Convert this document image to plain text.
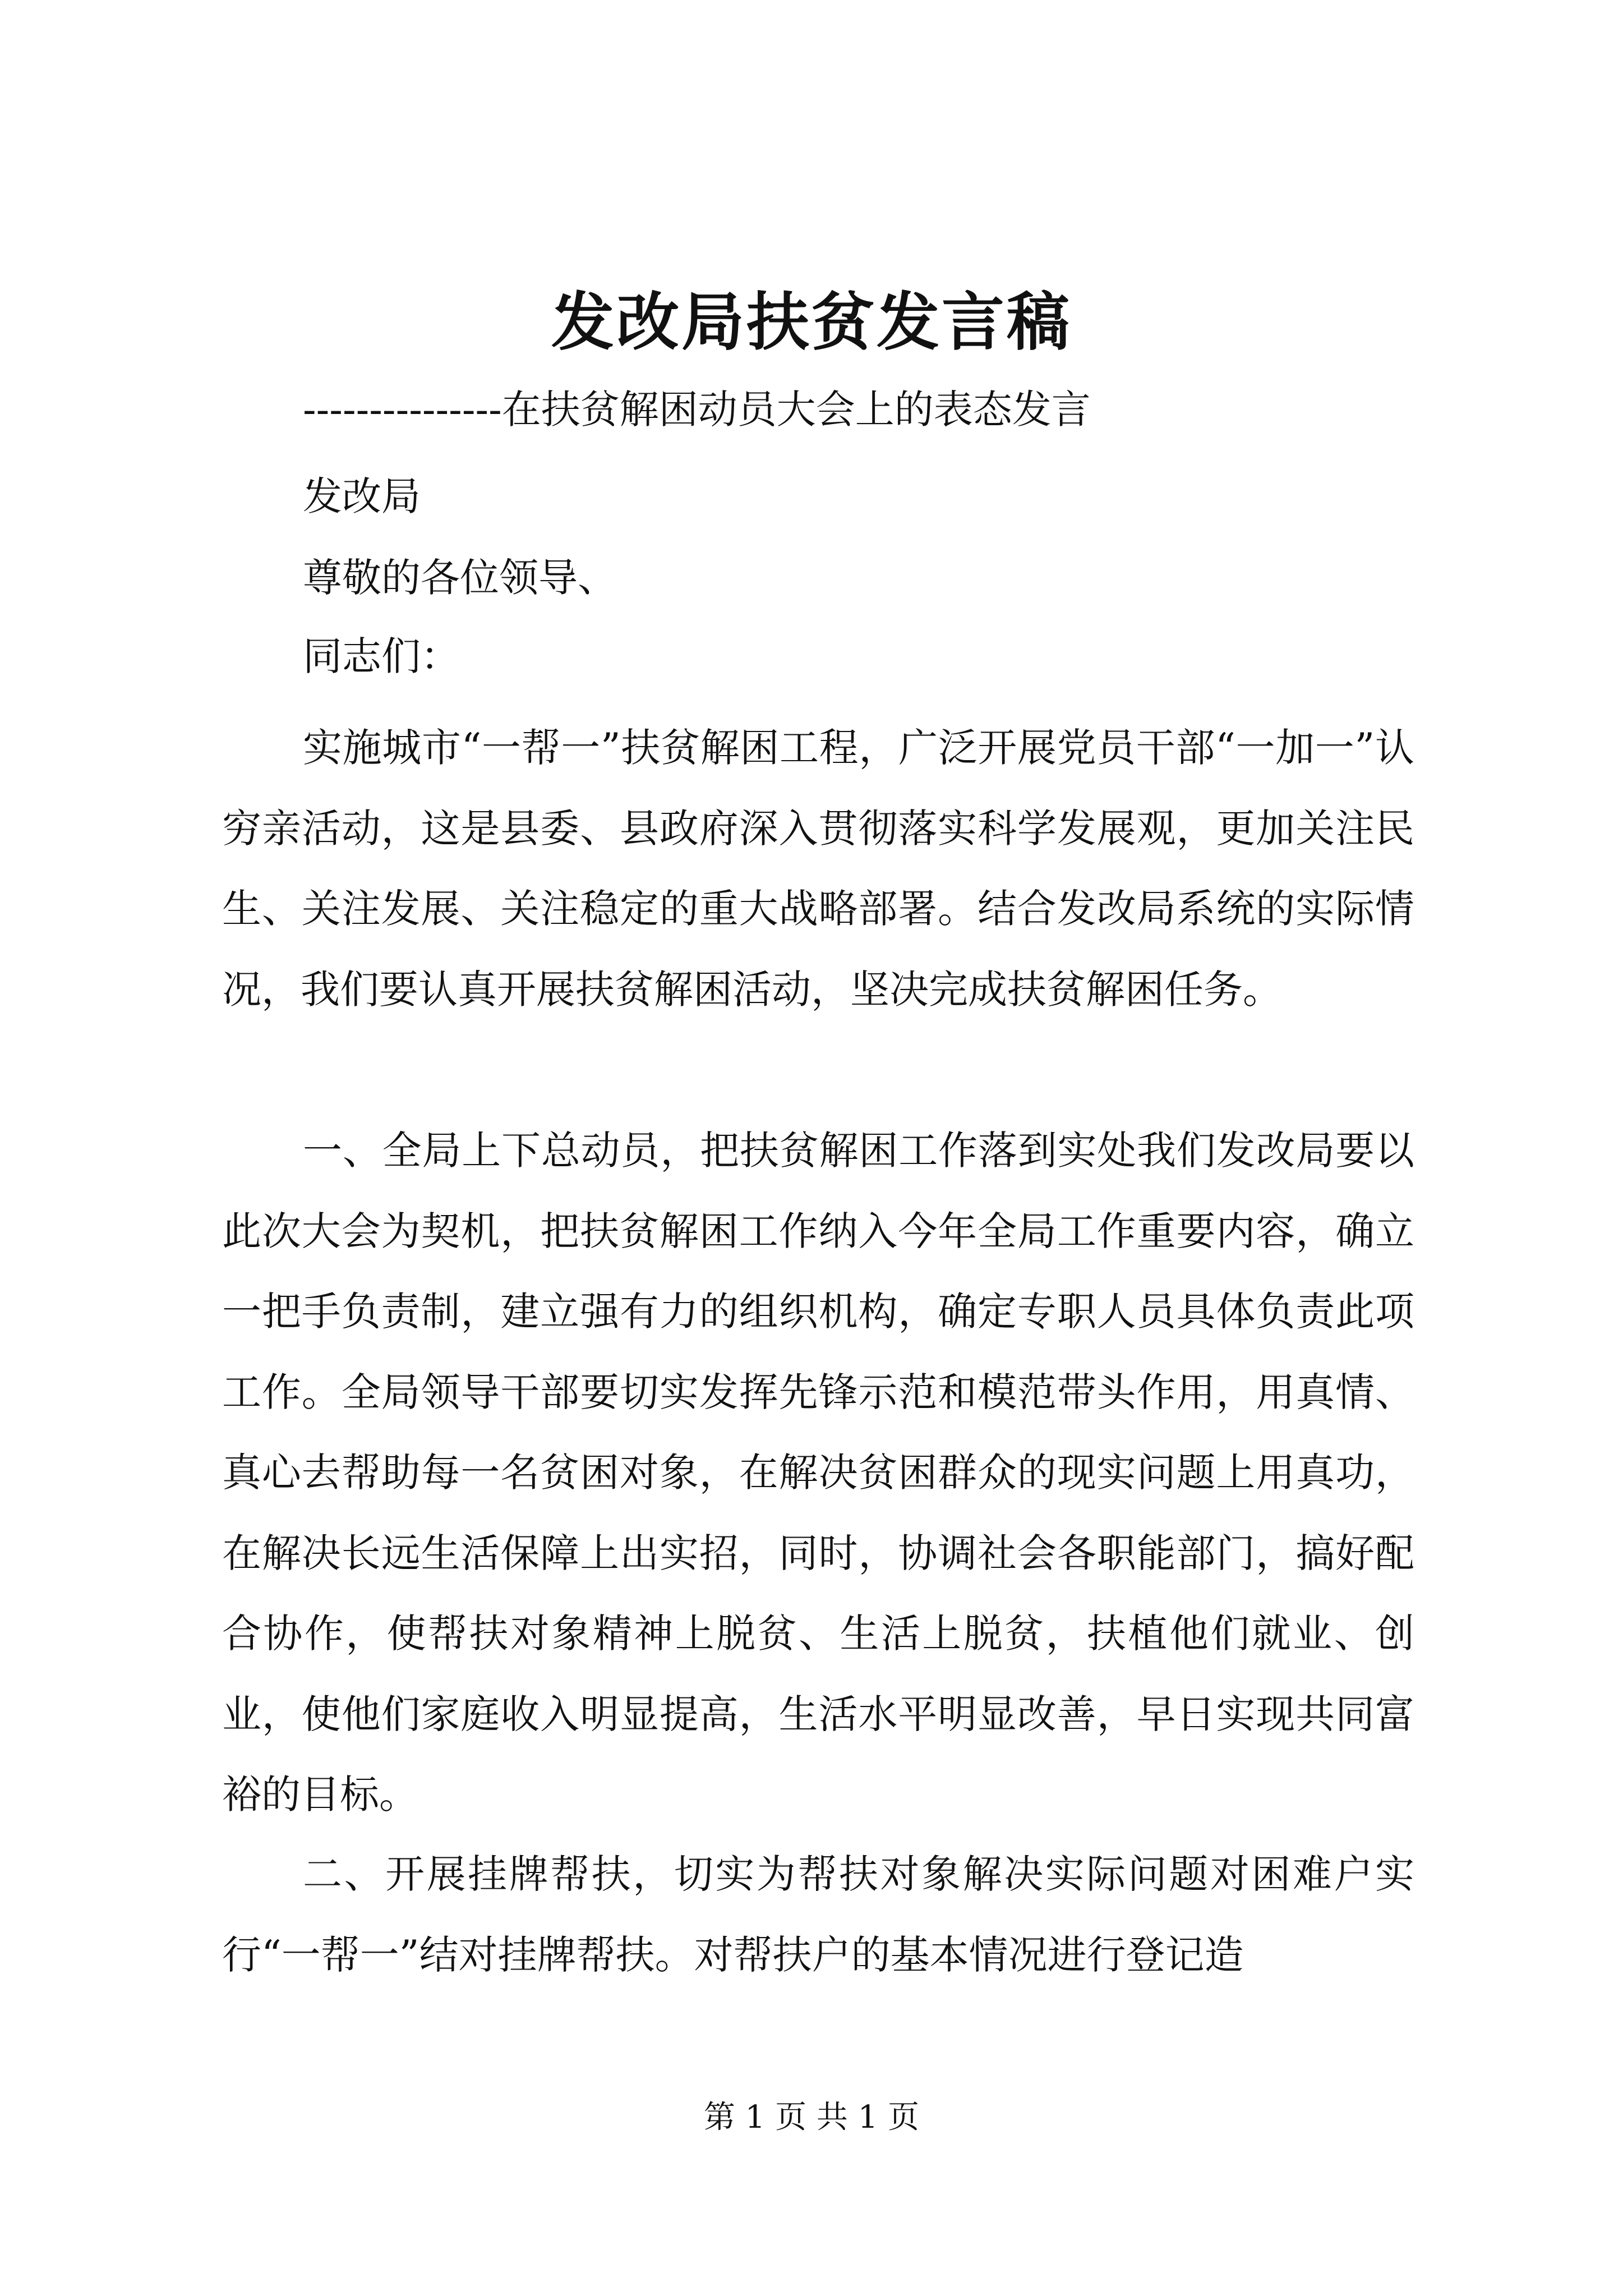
发改局扶贫发言稿

---------------在扶贫解困动员大会上的表态发言

发改局

尊敬的各位领导、

同志们：

实施城市“一帮一”扶贫解困工程，广泛开展党员干部“一加一”认穷亲活动，这是县委、县政府深入贯彻落实科学发展观，更加关注民生、关注发展、关注稳定的重大战略部署。结合发改局系统的实际情况，我们要认真开展扶贫解困活动，坚决完成扶贫解困任务。

一、全局上下总动员，把扶贫解困工作落到实处我们发改局要以此次大会为契机，把扶贫解困工作纳入今年全局工作重要内容，确立一把手负责制，建立强有力的组织机构，确定专职人员具体负责此项工作。全局领导干部要切实发挥先锋示范和模范带头作用，用真情、真心去帮助每一名贫困对象，在解决贫困群众的现实问题上用真功，在解决长远生活保障上出实招，同时，协调社会各职能部门，搞好配合协作，使帮扶对象精神上脱贫、生活上脱贫，扶植他们就业、创业，使他们家庭收入明显提高，生活水平明显改善，早日实现共同富裕的目标。

二、开展挂牌帮扶，切实为帮扶对象解决实际问题对困难户实行“一帮一”结对挂牌帮扶。对帮扶户的基本情况进行登记造

第 1 页 共 1 页
